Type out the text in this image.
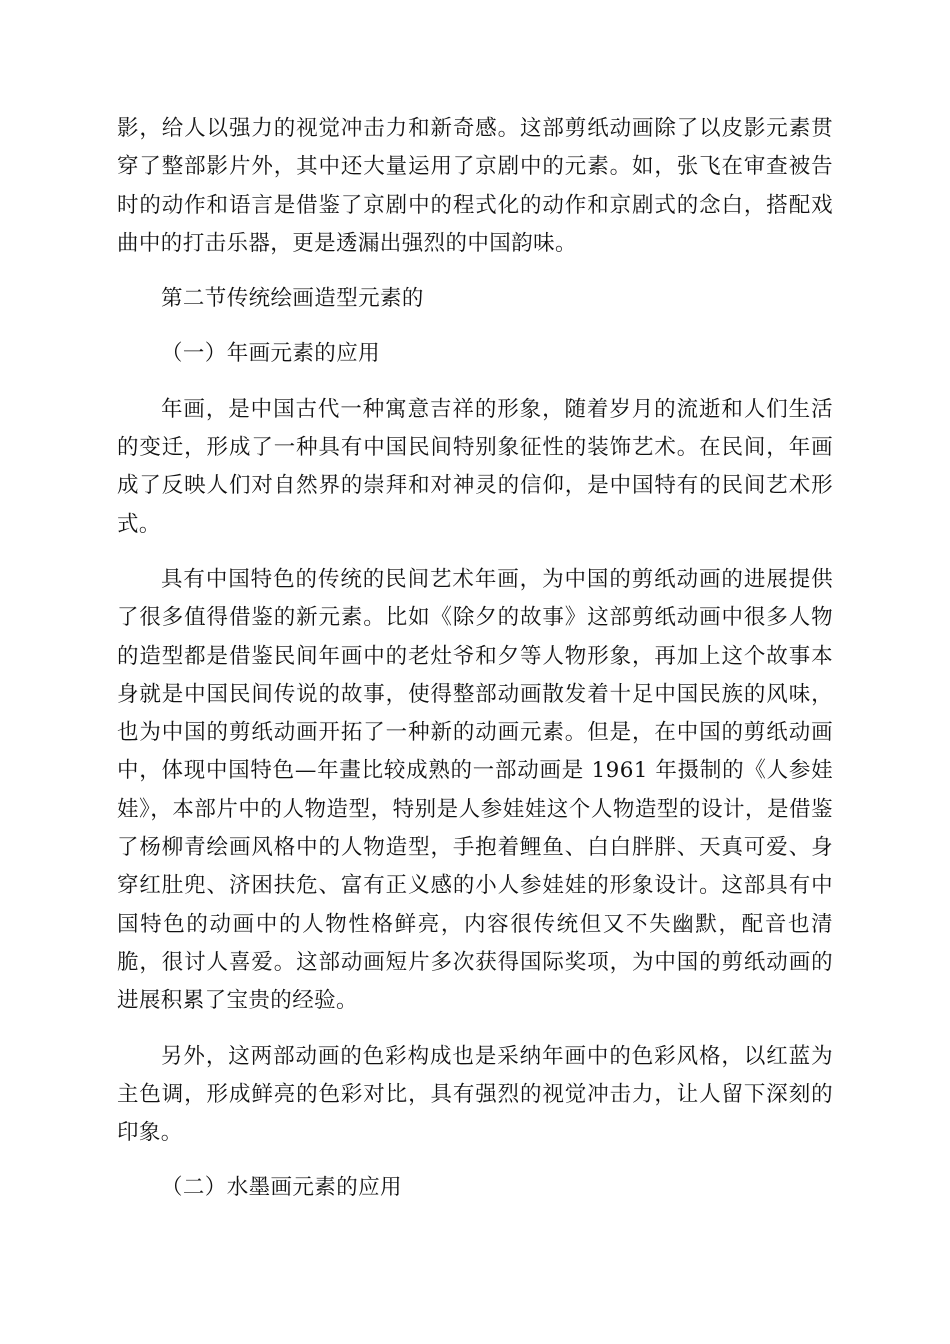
影，给人以强力的视觉冲击力和新奇感。这部剪纸动画除了以皮影元素贯穿了整部影片外，其中还大量运用了京剧中的元素。如，张飞在审查被告时的动作和语言是借鉴了京剧中的程式化的动作和京剧式的念白，搭配戏曲中的打击乐器，更是透漏出强烈的中国韵味。

第二节传统绘画造型元素的

（一）年画元素的应用

年画，是中国古代一种寓意吉祥的形象，随着岁月的流逝和人们生活的变迁，形成了一种具有中国民间特别象征性的装饰艺术。在民间，年画成了反映人们对自然界的崇拜和对神灵的信仰，是中国特有的民间艺术形式。

具有中国特色的传统的民间艺术年画，为中国的剪纸动画的进展提供了很多值得借鉴的新元素。比如《除夕的故事》这部剪纸动画中很多人物的造型都是借鉴民间年画中的老灶爷和夕等人物形象，再加上这个故事本身就是中国民间传说的故事，使得整部动画散发着十足中国民族的风味，也为中国的剪纸动画开拓了一种新的动画元素。但是，在中国的剪纸动画中，体现中国特色—年畫比较成熟的一部动画是 1961 年摄制的《人参娃娃》，本部片中的人物造型，特别是人参娃娃这个人物造型的设计，是借鉴了杨柳青绘画风格中的人物造型，手抱着鲤鱼、白白胖胖、天真可爱、身穿红肚兜、济困扶危、富有正义感的小人参娃娃的形象设计。这部具有中国特色的动画中的人物性格鲜亮，内容很传统但又不失幽默，配音也清脆，很讨人喜爱。这部动画短片多次获得国际奖项，为中国的剪纸动画的进展积累了宝贵的经验。

另外，这两部动画的色彩构成也是采纳年画中的色彩风格，以红蓝为主色调，形成鲜亮的色彩对比，具有强烈的视觉冲击力，让人留下深刻的印象。

（二）水墨画元素的应用
